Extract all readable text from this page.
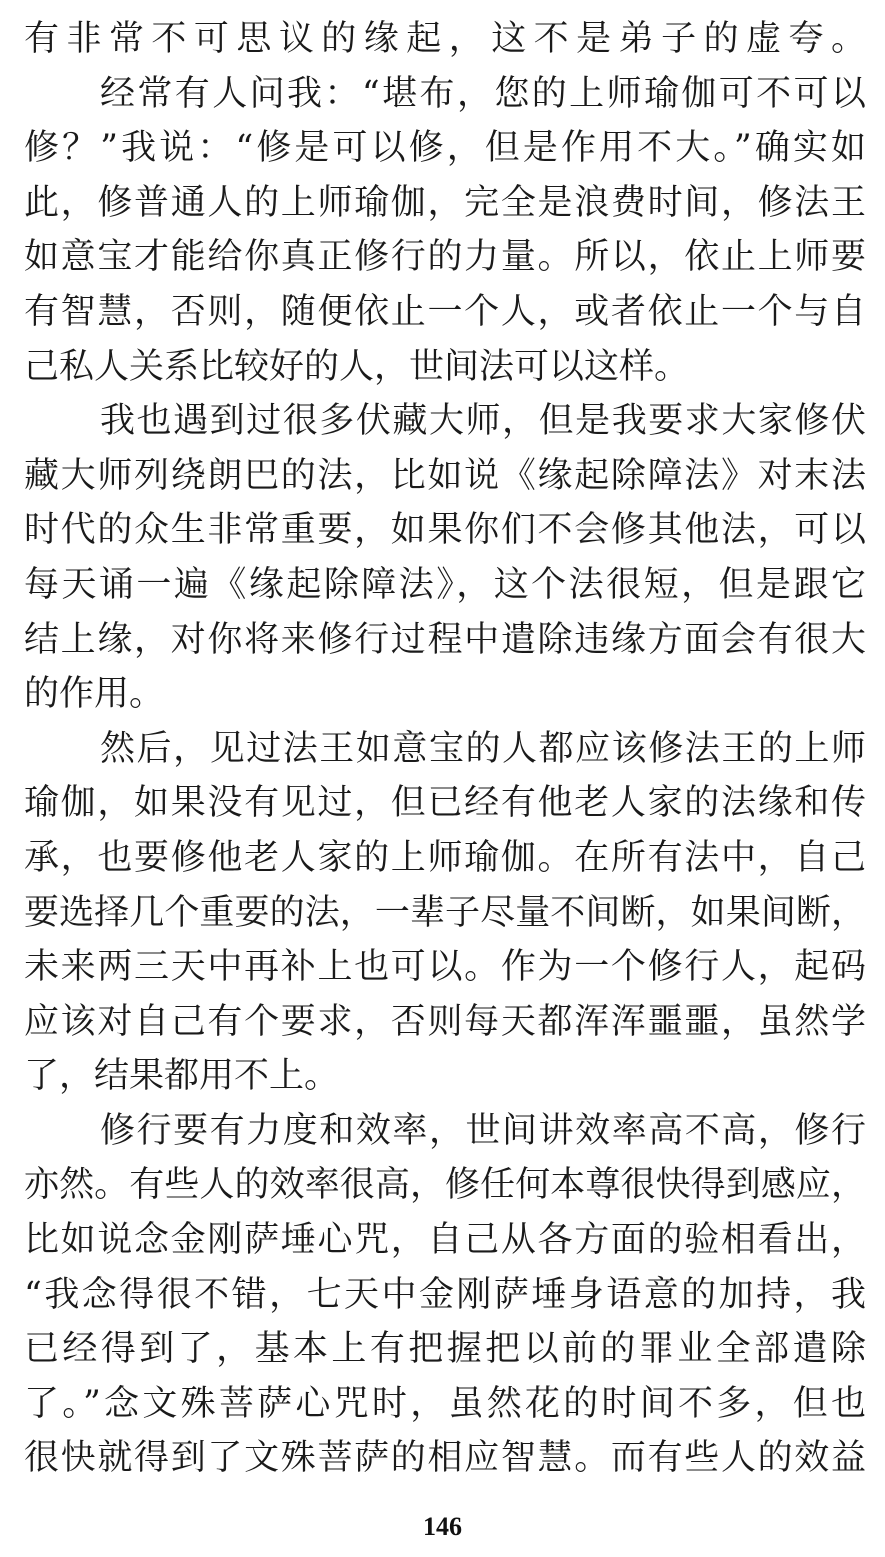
有非常不可思议的缘起，这不是弟子的虚夸。
经常有人问我：“堪布，您的上师瑜伽可不可以
修？”我说：“修是可以修，但是作用不大。”确实如
此，修普通人的上师瑜伽，完全是浪费时间，修法王
如意宝才能给你真正修行的力量。所以，依止上师要
有智慧，否则，随便依止一个人，或者依止一个与自
己私人关系比较好的人，世间法可以这样。
我也遇到过很多伏藏大师，但是我要求大家修伏
藏大师列绕朗巴的法，比如说《缘起除障法》对末法
时代的众生非常重要，如果你们不会修其他法，可以
每天诵一遍《缘起除障法》，这个法很短，但是跟它
结上缘，对你将来修行过程中遣除违缘方面会有很大
的作用。
然后，见过法王如意宝的人都应该修法王的上师
瑜伽，如果没有见过，但已经有他老人家的法缘和传
承，也要修他老人家的上师瑜伽。在所有法中，自己
要选择几个重要的法，一辈子尽量不间断，如果间断，
未来两三天中再补上也可以。作为一个修行人，起码
应该对自己有个要求，否则每天都浑浑噩噩，虽然学
了，结果都用不上。
修行要有力度和效率，世间讲效率高不高，修行
亦然。有些人的效率很高，修任何本尊很快得到感应，
比如说念金刚萨埵心咒，自己从各方面的验相看出，
“我念得很不错，七天中金刚萨埵身语意的加持，我
已经得到了，基本上有把握把以前的罪业全部遣除
了。”念文殊菩萨心咒时，虽然花的时间不多，但也
很快就得到了文殊菩萨的相应智慧。而有些人的效益
146
